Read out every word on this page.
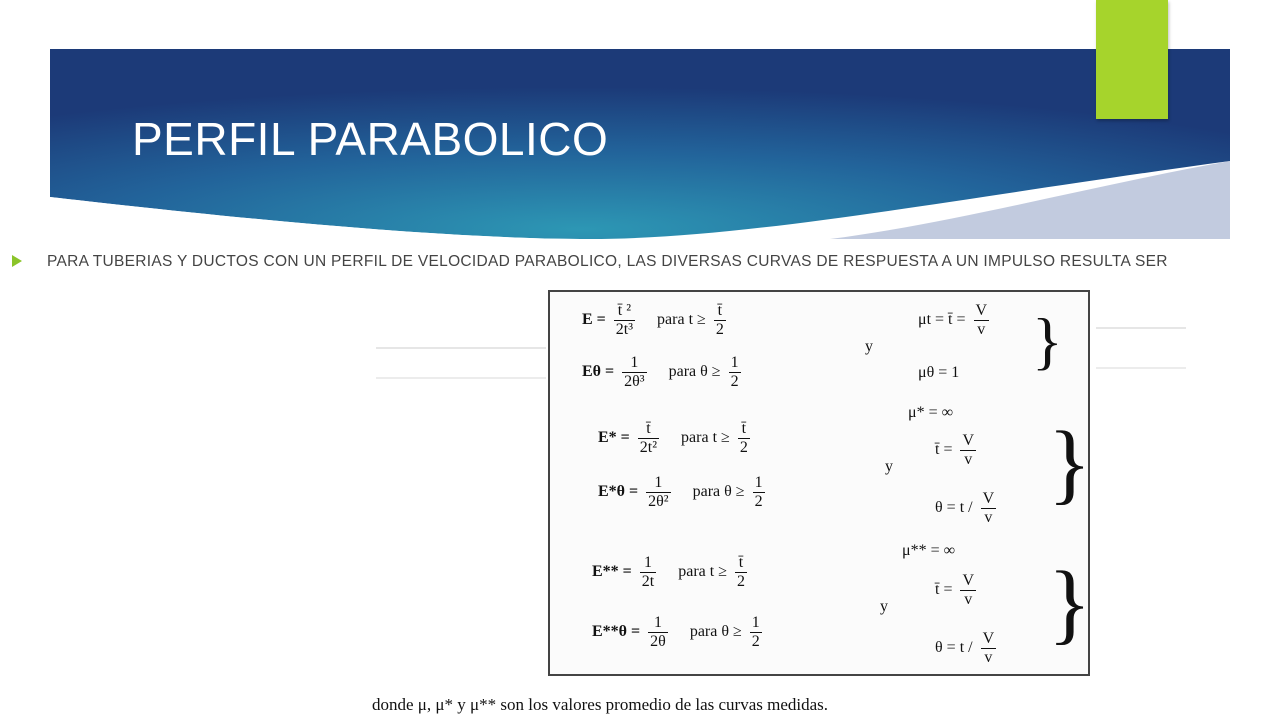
PERFIL PARABOLICO
PARA TUBERIAS Y DUCTOS CON UN PERFIL DE VELOCIDAD PARABOLICO, LAS DIVERSAS CURVAS DE RESPUESTA A UN IMPULSO RESULTA SER
$E = \frac{\text{t̄ ²}}{\text{2t³}}$ para $t \ge \frac{t̄}{2}$
$E\theta = \frac{1}{\text{2θ³}}$ para $\theta \ge \frac{1}{2}$
y
μt = t̄ = $\frac{V}{v}$
μθ = 1 }
$E* = \frac{t̄}{\text{2t²}}$ para $t \ge \frac{t̄}{2}$
$E*\theta = \frac{1}{\text{2θ²}}$ para $\theta \ge \frac{1}{2}$
y
μ* = ∞
t̄ = $\frac{V}{v}$
$\theta = t / \frac{V}{v}$ }
$E** = \frac{1}{2t}$ para $t \ge \frac{t̄}{2}$
$E**\theta = \frac{1}{2\theta}$ para $\theta \ge \frac{1}{2}$
y
μ** = ∞
t̄ = $\frac{V}{v}$
$\theta = t / \frac{V}{v}$ }
donde μ, μ* y μ** son los valores promedio de las curvas medidas.
